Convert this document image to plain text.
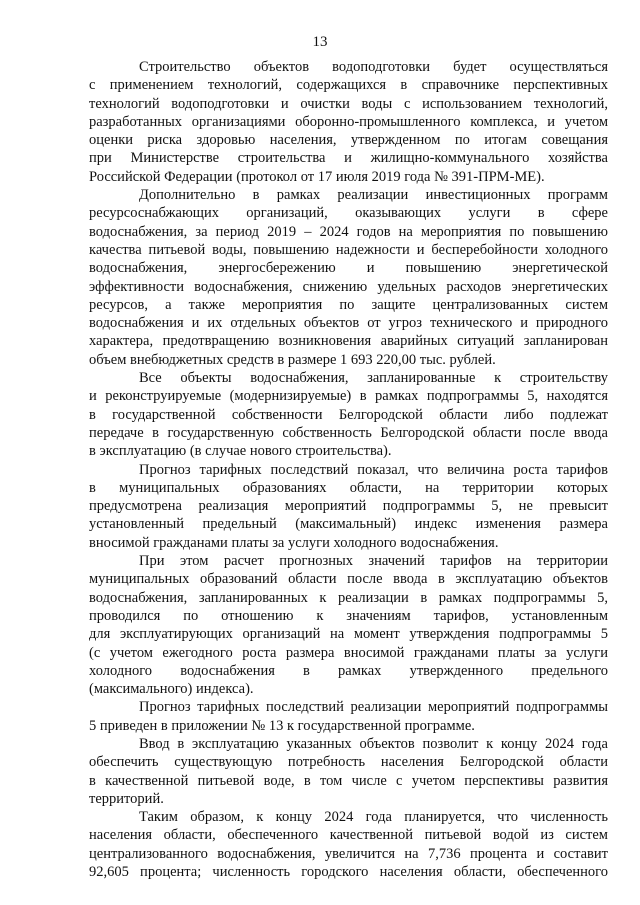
13

Строительство объектов водоподготовки будет осуществляться
с применением технологий, содержащихся в справочнике перспективных
технологий водоподготовки и очистки воды с использованием технологий,
разработанных организациями оборонно-промышленного комплекса, и учетом
оценки риска здоровью населения, утвержденном по итогам совещания
при Министерстве строительства и жилищно-коммунального хозяйства
Российской Федерации (протокол от 17 июля 2019 года № 391-ПРМ-МЕ).

Дополнительно в рамках реализации инвестиционных программ
ресурсоснабжающих организаций, оказывающих услуги в сфере
водоснабжения, за период 2019 – 2024 годов на мероприятия по повышению
качества питьевой воды, повышению надежности и бесперебойности холодного
водоснабжения, энергосбережению и повышению энергетической
эффективности водоснабжения, снижению удельных расходов энергетических
ресурсов, а также мероприятия по защите централизованных систем
водоснабжения и их отдельных объектов от угроз технического и природного
характера, предотвращению возникновения аварийных ситуаций запланирован
объем внебюджетных средств в размере 1 693 220,00 тыс. рублей.

Все объекты водоснабжения, запланированные к строительству
и реконструируемые (модернизируемые) в рамках подпрограммы 5, находятся
в государственной собственности Белгородской области либо подлежат
передаче в государственную собственность Белгородской области после ввода
в эксплуатацию (в случае нового строительства).

Прогноз тарифных последствий показал, что величина роста тарифов
в муниципальных образованиях области, на территории которых
предусмотрена реализация мероприятий подпрограммы 5, не превысит
установленный предельный (максимальный) индекс изменения размера
вносимой гражданами платы за услуги холодного водоснабжения.

При этом расчет прогнозных значений тарифов на территории
муниципальных образований области после ввода в эксплуатацию объектов
водоснабжения, запланированных к реализации в рамках подпрограммы 5,
проводился по отношению к значениям тарифов, установленным
для эксплуатирующих организаций на момент утверждения подпрограммы 5
(с учетом ежегодного роста размера вносимой гражданами платы за услуги
холодного водоснабжения в рамках утвержденного предельного
(максимального) индекса).

Прогноз тарифных последствий реализации мероприятий подпрограммы
5 приведен в приложении № 13 к государственной программе.

Ввод в эксплуатацию указанных объектов позволит к концу 2024 года
обеспечить существующую потребность населения Белгородской области
в качественной питьевой воде, в том числе с учетом перспективы развития
территорий.

Таким образом, к концу 2024 года планируется, что численность
населения области, обеспеченного качественной питьевой водой из систем
централизованного водоснабжения, увеличится на 7,736 процента и составит
92,605 процента; численность городского населения области, обеспеченного
